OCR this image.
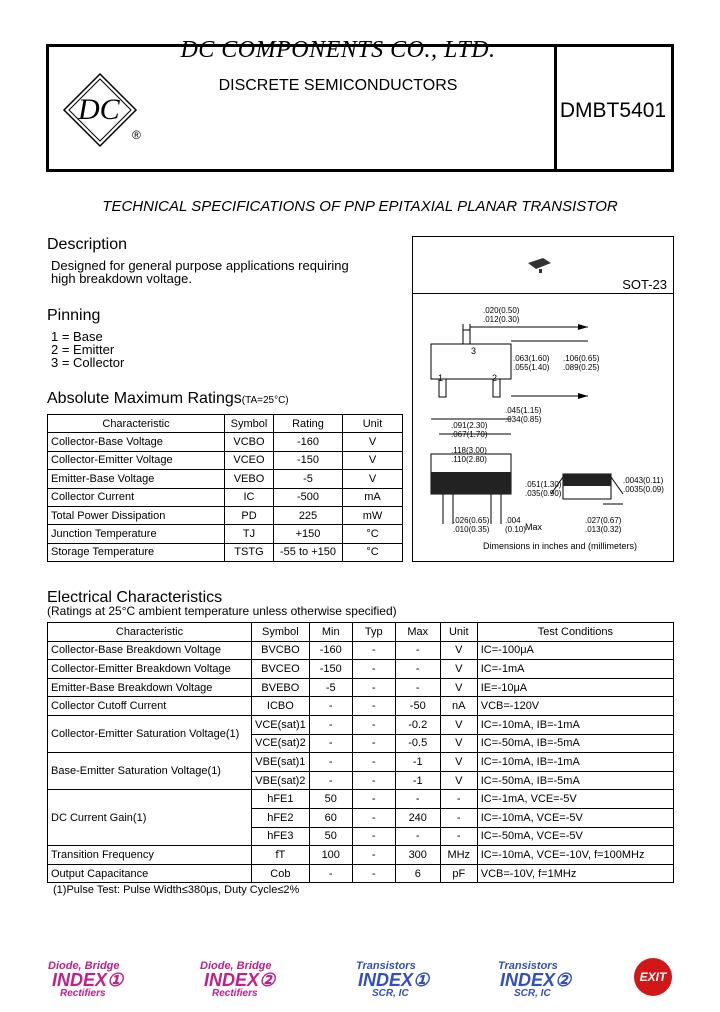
DC
®
DC COMPONENTS CO., LTD.
DISCRETE SEMICONDUCTORS
DMBT5401
TECHNICAL SPECIFICATIONS OF PNP EPITAXIAL PLANAR TRANSISTOR
Description
Designed for general purpose applications requiring
high breakdown voltage.
Pinning
1 = Base
2 = Emitter
3 = Collector
SOT-23
1	2
3
.020(0.50)
.012(0.30)
.063(1.60)
.055(1.40)
.106(0.65)
.089(0.25)
.045(1.15)
.034(0.85)
.091(2.30)
.067(1.70)
.118(3.00)
.110(2.80)
.051(1.30)
.035(0.90)
.0043(0.11)
.0035(0.09)
.026(0.65)
.010(0.35)
.004
(0.10) Max
.027(0.67)
.013(0.32)
Dimensions in inches and (millimeters)
Absolute Maximum Ratings(TA=25°C)
Characteristic	Symbol	Rating	Unit
Collector-Base Voltage	VCBO	-160	V
Collector-Emitter Voltage	VCEO	-150	V
Emitter-Base Voltage	VEBO	-5	V
Collector Current	IC	-500	mA
Total Power Dissipation	PD	225	mW
Junction Temperature	TJ	+150	°C
Storage Temperature	TSTG	-55 to +150	°C
Electrical Characteristics
(Ratings at 25°C ambient temperature unless otherwise specified)
Characteristic	Symbol	Min	Typ	Max	Unit	Test Conditions
Collector-Base Breakdown Voltage	BVCBO	-160	-	-	V	IC=-100μA
Collector-Emitter Breakdown Voltage	BVCEO	-150	-	-	V	IC=-1mA
Emitter-Base Breakdown Voltage	BVEBO	-5	-	-	V	IE=-10μA
Collector Cutoff Current	ICBO	-	-	-50	nA	VCB=-120V
Collector-Emitter Saturation Voltage(1)	VCE(sat)1	-	-	-0.2	V	IC=-10mA, IB=-1mA
	VCE(sat)2	-	-	-0.5	V	IC=-50mA, IB=-5mA
Base-Emitter Saturation Voltage(1)	VBE(sat)1	-	-	-1	V	IC=-10mA, IB=-1mA
	VBE(sat)2	-	-	-1	V	IC=-50mA, IB=-5mA
DC Current Gain(1)	hFE1	50	-	-	-	IC=-1mA, VCE=-5V
	hFE2	60	-	240	-	IC=-10mA, VCE=-5V
	hFE3	50	-	-	-	IC=-50mA, VCE=-5V
Transition Frequency	fT	100	-	300	MHz	IC=-10mA, VCE=-10V, f=100MHz
Output Capacitance	Cob	-	-	6	pF	VCB=-10V, f=1MHz
(1)Pulse Test: Pulse Width≤380μs, Duty Cycle≤2%
Diode, Bridge
INDEX①
Rectifiers
Diode, Bridge
INDEX②
Rectifiers
Transistors
INDEX①
SCR, IC
Transistors
INDEX②
SCR, IC
EXIT
